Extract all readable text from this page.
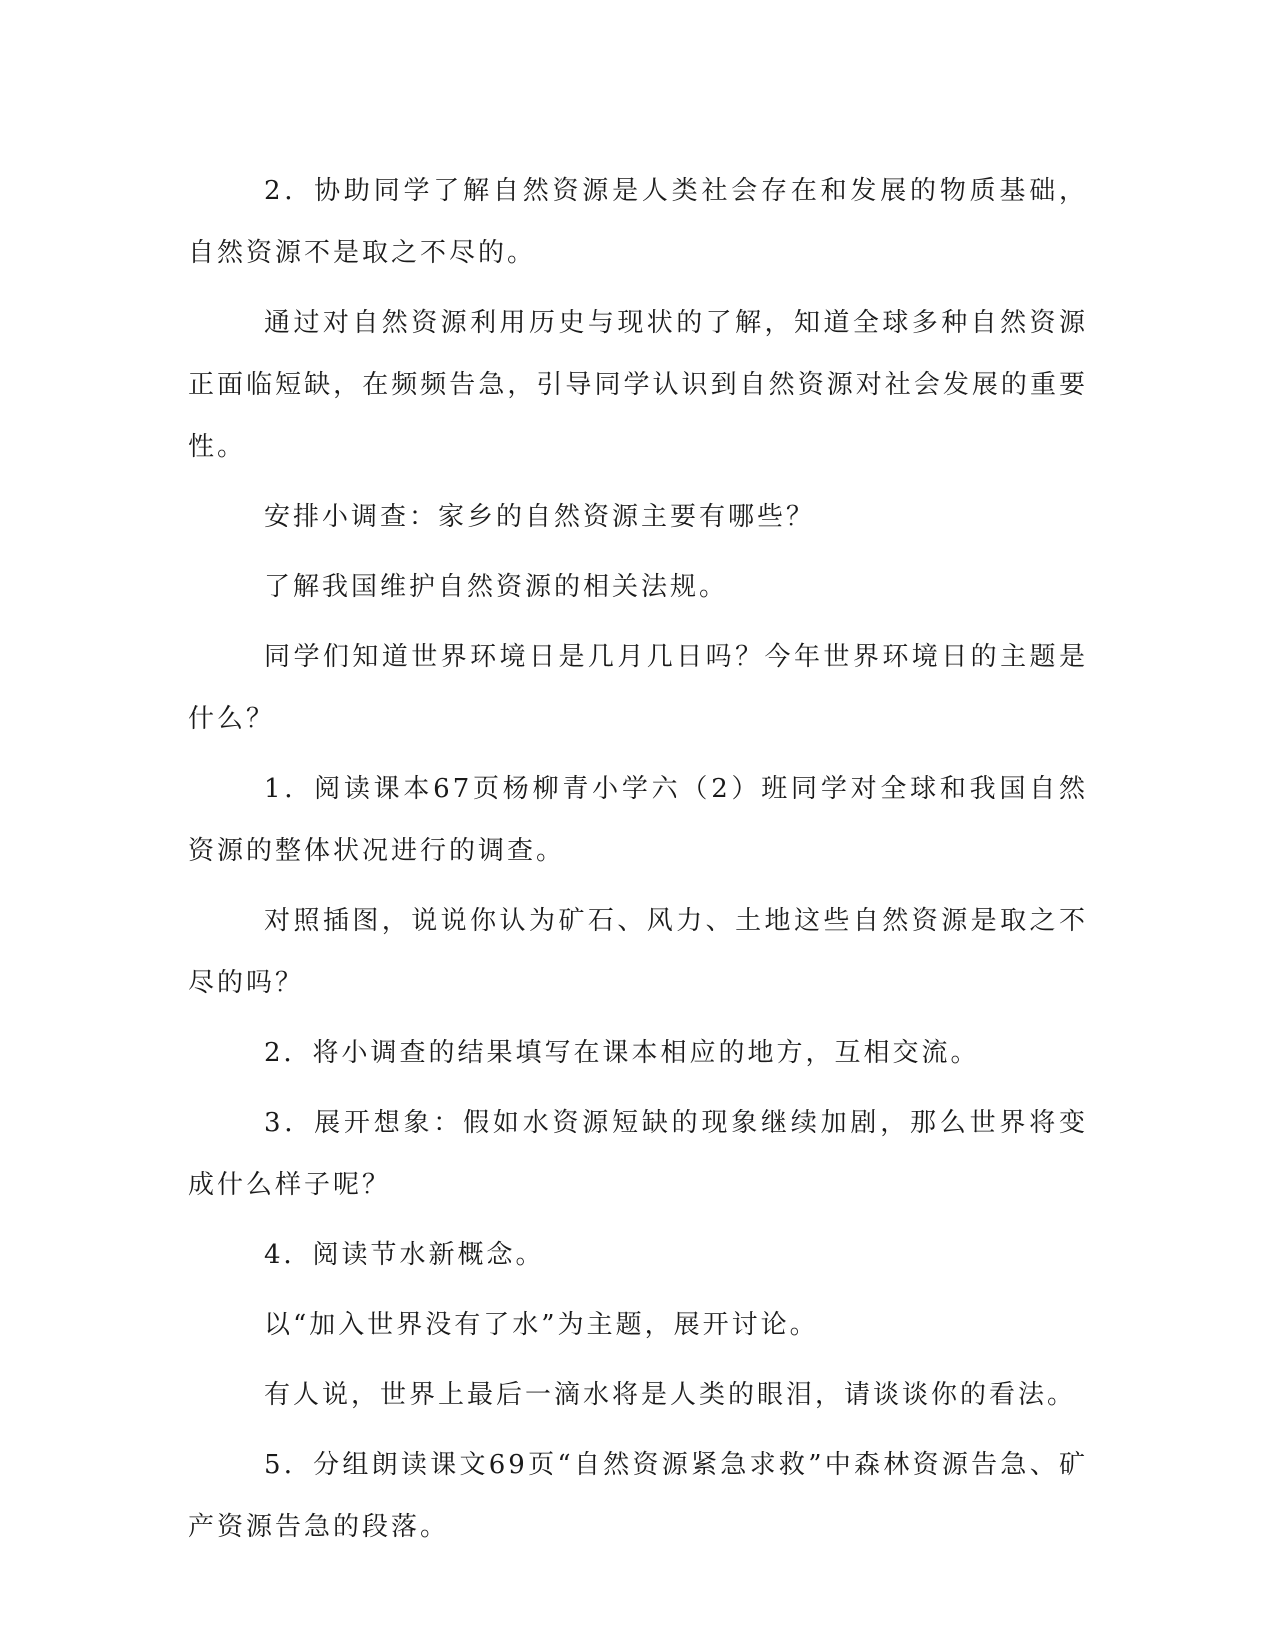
2．协助同学了解自然资源是人类社会存在和发展的物质基础，自然资源不是取之不尽的。

通过对自然资源利用历史与现状的了解，知道全球多种自然资源正面临短缺，在频频告急，引导同学认识到自然资源对社会发展的重要性。

安排小调查：家乡的自然资源主要有哪些？

了解我国维护自然资源的相关法规。

同学们知道世界环境日是几月几日吗？今年世界环境日的主题是什么？

1．阅读课本67页杨柳青小学六（2）班同学对全球和我国自然资源的整体状况进行的调查。

对照插图，说说你认为矿石、风力、土地这些自然资源是取之不尽的吗？

2．将小调查的结果填写在课本相应的地方，互相交流。

3．展开想象：假如水资源短缺的现象继续加剧，那么世界将变成什么样子呢？

4．阅读节水新概念。

以“加入世界没有了水”为主题，展开讨论。

有人说，世界上最后一滴水将是人类的眼泪，请谈谈你的看法。

5．分组朗读课文69页“自然资源紧急求救”中森林资源告急、矿产资源告急的段落。
